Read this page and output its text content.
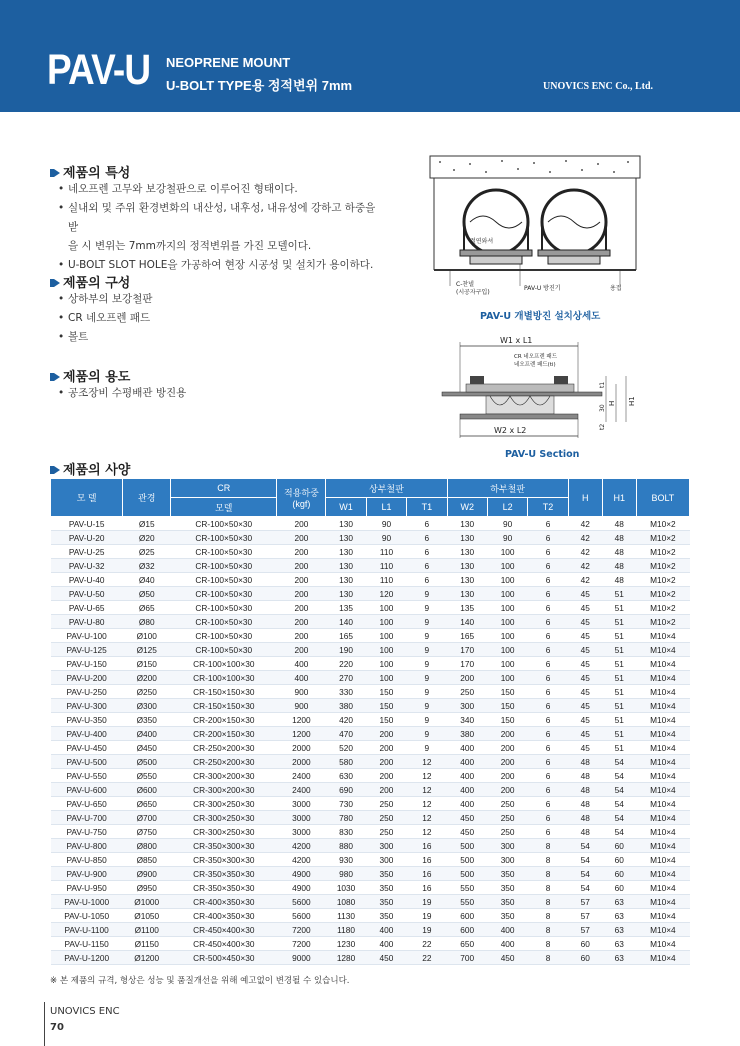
PAV-U NEOPRENE MOUNT
U-BOLT TYPE용 정적변위 7mm	UNOVICS ENC Co., Ltd.
제품의 특성
• 네오프렌 고무와 보강철판으로 이루어진 형태이다.
• 실내외 및 주위 환경변화의 내산성, 내후성, 내유성에 강하고 하중을 받
을 시 변위는 7mm까지의 정적변위를 가진 모델이다.
• U-BOLT SLOT HOLE을 가공하여 현장 시공성 및 설치가 용이하다.
제품의 구성
• 상하부의 보강철판
• CR 네오프렌 패드
• 볼트
제품의 용도
• 공조장비 수평배관 방진용
절연와셔
C-찬넬
(시공자구입)
PAV-U 방진기	용접
PAV-U 개별방진 설치상세도
W1 x L1
CR 네오프렌 패드
네오프렌 패드(ti)
W2 x L2
t1
30
t2
H H1
PAV-U Section
제품의 사양
모 델	관경	CR	적용하중
(kgf)	상부철판			하부철판			H	H1	BOLT
		모델		W1	L1	T1	W2	L2	T2			
PAV-U-15	Ø15	CR-100×50×30	200	130	90	6	130	90	6	42	48	M10×2
PAV-U-20	Ø20	CR-100×50×30	200	130	90	6	130	90	6	42	48	M10×2
PAV-U-25	Ø25	CR-100×50×30	200	130	110	6	130	100	6	42	48	M10×2
PAV-U-32	Ø32	CR-100×50×30	200	130	110	6	130	100	6	42	48	M10×2
PAV-U-40	Ø40	CR-100×50×30	200	130	110	6	130	100	6	42	48	M10×2
PAV-U-50	Ø50	CR-100×50×30	200	130	120	9	130	100	6	45	51	M10×2
PAV-U-65	Ø65	CR-100×50×30	200	135	100	9	135	100	6	45	51	M10×2
PAV-U-80	Ø80	CR-100×50×30	200	140	100	9	140	100	6	45	51	M10×2
PAV-U-100	Ø100	CR-100×50×30	200	165	100	9	165	100	6	45	51	M10×4
PAV-U-125	Ø125	CR-100×50×30	200	190	100	9	170	100	6	45	51	M10×4
PAV-U-150	Ø150	CR-100×100×30	400	220	100	9	170	100	6	45	51	M10×4
PAV-U-200	Ø200	CR-100×100×30	400	270	100	9	200	100	6	45	51	M10×4
PAV-U-250	Ø250	CR-150×150×30	900	330	150	9	250	150	6	45	51	M10×4
PAV-U-300	Ø300	CR-150×150×30	900	380	150	9	300	150	6	45	51	M10×4
PAV-U-350	Ø350	CR-200×150×30	1200	420	150	9	340	150	6	45	51	M10×4
PAV-U-400	Ø400	CR-200×150×30	1200	470	200	9	380	200	6	45	51	M10×4
PAV-U-450	Ø450	CR-250×200×30	2000	520	200	9	400	200	6	45	51	M10×4
PAV-U-500	Ø500	CR-250×200×30	2000	580	200	12	400	200	6	48	54	M10×4
PAV-U-550	Ø550	CR-300×200×30	2400	630	200	12	400	200	6	48	54	M10×4
PAV-U-600	Ø600	CR-300×200×30	2400	690	200	12	400	200	6	48	54	M10×4
PAV-U-650	Ø650	CR-300×250×30	3000	730	250	12	400	250	6	48	54	M10×4
PAV-U-700	Ø700	CR-300×250×30	3000	780	250	12	450	250	6	48	54	M10×4
PAV-U-750	Ø750	CR-300×250×30	3000	830	250	12	450	250	6	48	54	M10×4
PAV-U-800	Ø800	CR-350×300×30	4200	880	300	16	500	300	8	54	60	M10×4
PAV-U-850	Ø850	CR-350×300×30	4200	930	300	16	500	300	8	54	60	M10×4
PAV-U-900	Ø900	CR-350×350×30	4900	980	350	16	500	350	8	54	60	M10×4
PAV-U-950	Ø950	CR-350×350×30	4900	1030	350	16	550	350	8	54	60	M10×4
PAV-U-1000	Ø1000	CR-400×350×30	5600	1080	350	19	550	350	8	57	63	M10×4
PAV-U-1050	Ø1050	CR-400×350×30	5600	1130	350	19	600	350	8	57	63	M10×4
PAV-U-1100	Ø1100	CR-450×400×30	7200	1180	400	19	600	400	8	57	63	M10×4
PAV-U-1150	Ø1150	CR-450×400×30	7200	1230	400	22	650	400	8	60	63	M10×4
PAV-U-1200	Ø1200	CR-500×450×30	9000	1280	450	22	700	450	8	60	63	M10×4
※ 본 제품의 규격, 형상은 성능 및 품질개선을 위해 예고없이 변경될 수 있습니다.
UNOVICS ENC
70
